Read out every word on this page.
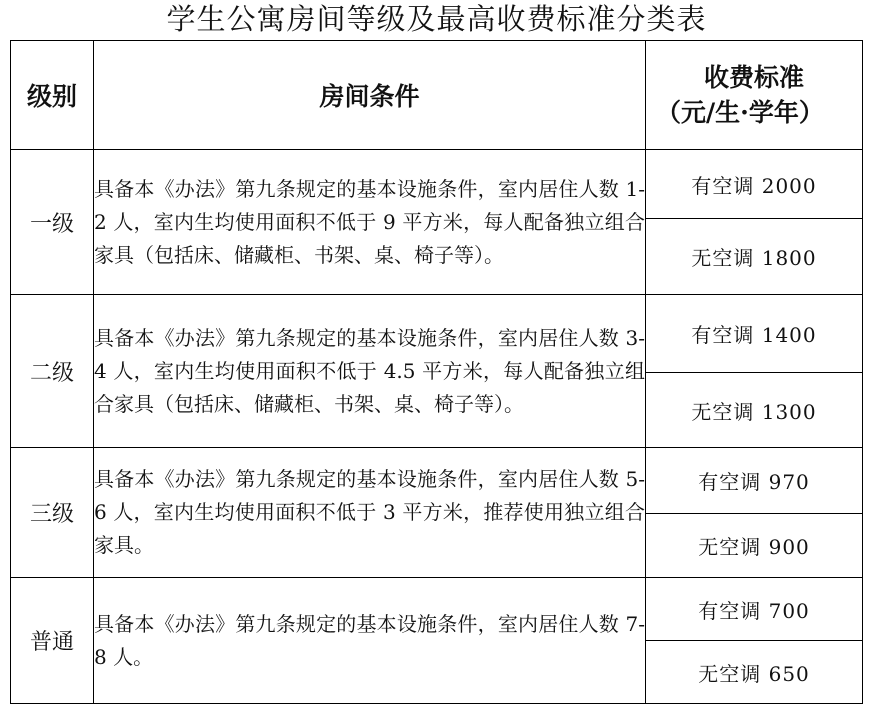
学生公寓房间等级及最高收费标准分类表
级别	房间条件	收费标准
（元/生·学年）

一级	具备本《办法》第九条规定的基本设施条件，室内居住人数 1-2 人，室内生均使用面积不低于 9 平方米，每人配备独立组合家具（包括床、储藏柜、书架、桌、椅子等）。	有空调 2000
		无空调 1800
二级	具备本《办法》第九条规定的基本设施条件，室内居住人数 3-4 人，室内生均使用面积不低于 4.5 平方米，每人配备独立组合家具（包括床、储藏柜、书架、桌、椅子等）。	有空调 1400
		无空调 1300
三级	具备本《办法》第九条规定的基本设施条件，室内居住人数 5-6 人，室内生均使用面积不低于 3 平方米，推荐使用独立组合家具。	有空调 970
		无空调 900
普通	具备本《办法》第九条规定的基本设施条件，室内居住人数 7-8 人。	有空调 700
		无空调 650
